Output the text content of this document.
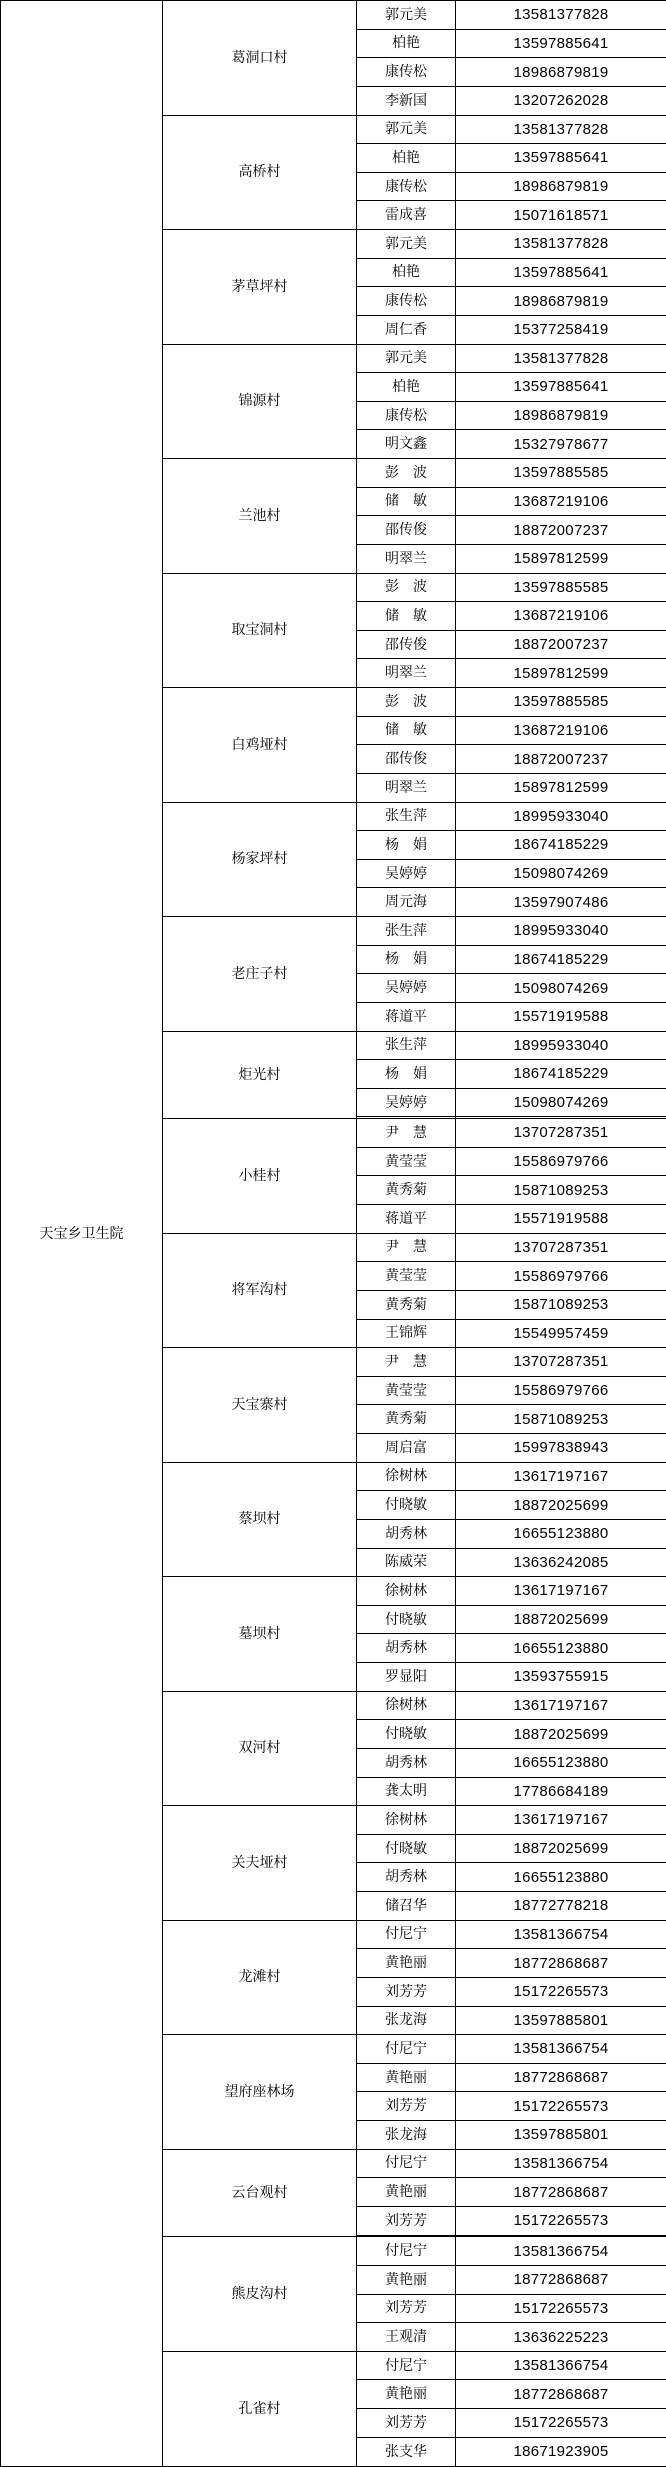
天宝乡卫生院	葛洞口村	郭元美	13581377828
		柏艳	13597885641
		康传松	18986879819
		李新国	13207262028
	高桥村	郭元美	13581377828
		柏艳	13597885641
		康传松	18986879819
		雷成喜	15071618571
	茅草坪村	郭元美	13581377828
		柏艳	13597885641
		康传松	18986879819
		周仁香	15377258419
	锦源村	郭元美	13581377828
		柏艳	13597885641
		康传松	18986879819
		明文鑫	15327978677
	兰池村	彭　波	13597885585
		储　敏	13687219106
		邵传俊	18872007237
		明翠兰	15897812599
	取宝洞村	彭　波	13597885585
		储　敏	13687219106
		邵传俊	18872007237
		明翠兰	15897812599
	白鸡垭村	彭　波	13597885585
		储　敏	13687219106
		邵传俊	18872007237
		明翠兰	15897812599
	杨家坪村	张生萍	18995933040
		杨　娟	18674185229
		吴婷婷	15098074269
		周元海	13597907486
	老庄子村	张生萍	18995933040
		杨　娟	18674185229
		吴婷婷	15098074269
		蒋道平	15571919588
	炬光村	张生萍	18995933040
		杨　娟	18674185229
		吴婷婷	15098074269

	小桂村	尹　慧	13707287351
		黄莹莹	15586979766
		黄秀菊	15871089253
		蒋道平	15571919588
	将军沟村	尹　慧	13707287351
		黄莹莹	15586979766
		黄秀菊	15871089253
		王锦辉	15549957459
	天宝寨村	尹　慧	13707287351
		黄莹莹	15586979766
		黄秀菊	15871089253
		周启富	15997838943
	蔡坝村	徐树林	13617197167
		付晓敏	18872025699
		胡秀林	16655123880
		陈威荣	13636242085
	墓坝村	徐树林	13617197167
		付晓敏	18872025699
		胡秀林	16655123880
		罗显阳	13593755915
	双河村	徐树林	13617197167
		付晓敏	18872025699
		胡秀林	16655123880
		龚太明	17786684189
	关夫垭村	徐树林	13617197167
		付晓敏	18872025699
		胡秀林	16655123880
		储召华	18772778218
	龙滩村	付尼宁	13581366754
		黄艳丽	18772868687
		刘芳芳	15172265573
		张龙海	13597885801
	望府座林场	付尼宁	13581366754
		黄艳丽	18772868687
		刘芳芳	15172265573
		张龙海	13597885801
	云台观村	付尼宁	13581366754
		黄艳丽	18772868687
		刘芳芳	15172265573

	熊皮沟村	付尼宁	13581366754
		黄艳丽	18772868687
		刘芳芳	15172265573
		王观清	13636225223
	孔雀村	付尼宁	13581366754
		黄艳丽	18772868687
		刘芳芳	15172265573
		张支华	18671923905
